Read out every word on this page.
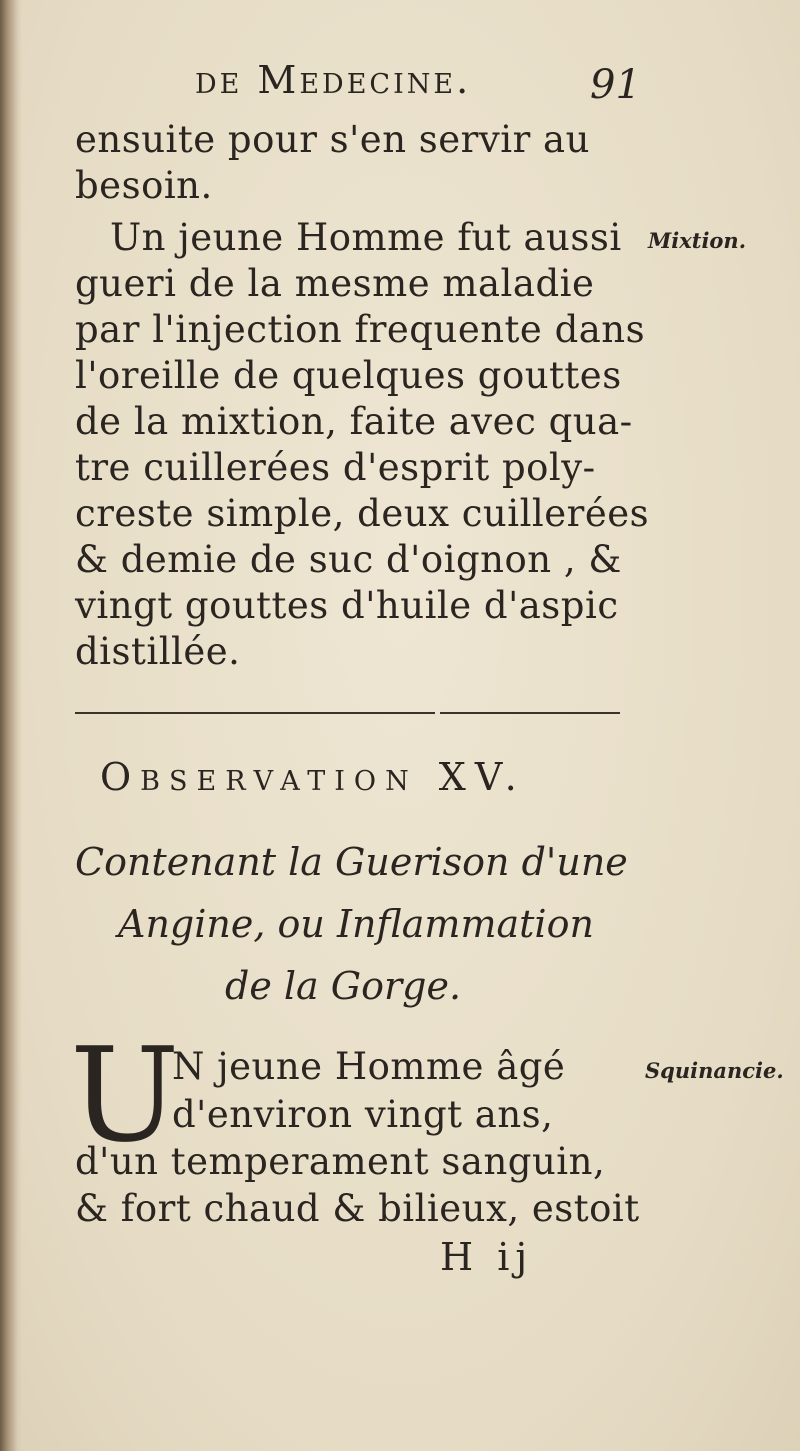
de Medecine.	91
ensuite pour s'en servir au
besoin.
Un jeune Homme fut aussi Mixtion.
gueri de la mesme maladie
par l'injection frequente dans
l'oreille de quelques gouttes
de la mixtion, faite avec qua-
tre cuillerées d'esprit poly-
creste simple, deux cuillerées
& demie de suc d'oignon , &
vingt gouttes d'huile d'aspic
distillée.
Observation XV.
Contenant la Guerison d'une
Angine, ou Inflammation
de la Gorge.
U
N jeune Homme âgé	Squinancie.
d'environ vingt ans,
d'un temperament sanguin,
& fort chaud & bilieux, estoit
H ij
